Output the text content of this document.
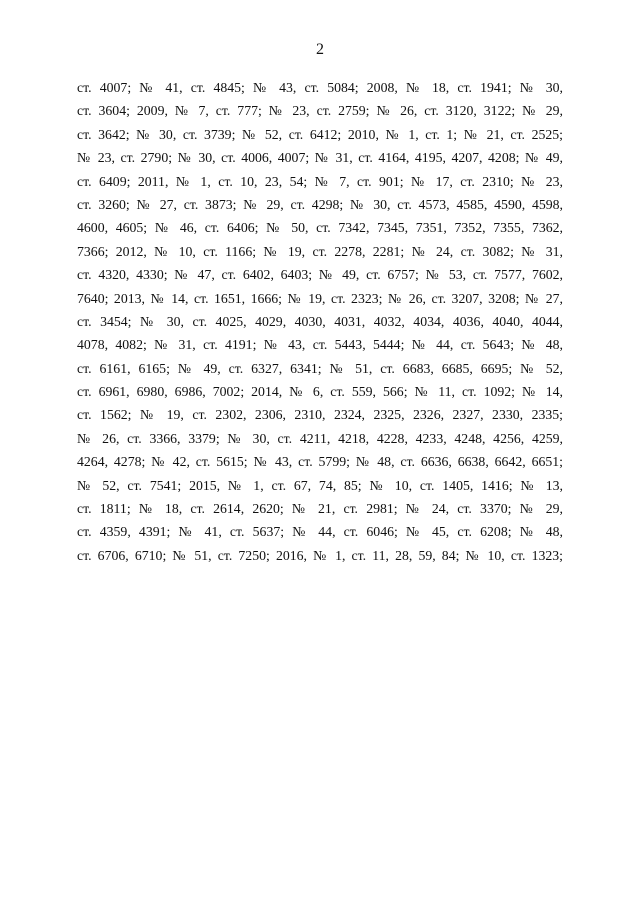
2
ст. 4007; № 41, ст. 4845; № 43, ст. 5084; 2008, № 18, ст. 1941; № 30,
ст. 3604; 2009, № 7, ст. 777; № 23, ст. 2759; № 26, ст. 3120, 3122; № 29,
ст. 3642; № 30, ст. 3739; № 52, ст. 6412; 2010, № 1, ст. 1; № 21, ст. 2525;
№ 23, ст. 2790; № 30, ст. 4006, 4007; № 31, ст. 4164, 4195, 4207, 4208; № 49,
ст. 6409; 2011, № 1, ст. 10, 23, 54; № 7, ст. 901; № 17, ст. 2310; № 23,
ст. 3260; № 27, ст. 3873; № 29, ст. 4298; № 30, ст. 4573, 4585, 4590, 4598,
4600, 4605; № 46, ст. 6406; № 50, ст. 7342, 7345, 7351, 7352, 7355, 7362,
7366; 2012, № 10, ст. 1166; № 19, ст. 2278, 2281; № 24, ст. 3082; № 31,
ст. 4320, 4330; № 47, ст. 6402, 6403; № 49, ст. 6757; № 53, ст. 7577, 7602,
7640; 2013, № 14, ст. 1651, 1666; № 19, ст. 2323; № 26, ст. 3207, 3208; № 27,
ст. 3454; № 30, ст. 4025, 4029, 4030, 4031, 4032, 4034, 4036, 4040, 4044,
4078, 4082; № 31, ст. 4191; № 43, ст. 5443, 5444; № 44, ст. 5643; № 48,
ст. 6161, 6165; № 49, ст. 6327, 6341; № 51, ст. 6683, 6685, 6695; № 52,
ст. 6961, 6980, 6986, 7002; 2014, № 6, ст. 559, 566; № 11, ст. 1092; № 14,
ст. 1562; № 19, ст. 2302, 2306, 2310, 2324, 2325, 2326, 2327, 2330, 2335;
№ 26, ст. 3366, 3379; № 30, ст. 4211, 4218, 4228, 4233, 4248, 4256, 4259,
4264, 4278; № 42, ст. 5615; № 43, ст. 5799; № 48, ст. 6636, 6638, 6642, 6651;
№ 52, ст. 7541; 2015, № 1, ст. 67, 74, 85; № 10, ст. 1405, 1416; № 13,
ст. 1811; № 18, ст. 2614, 2620; № 21, ст. 2981; № 24, ст. 3370; № 29,
ст. 4359, 4391; № 41, ст. 5637; № 44, ст. 6046; № 45, ст. 6208; № 48,
ст. 6706, 6710; № 51, ст. 7250; 2016, № 1, ст. 11, 28, 59, 84; № 10, ст. 1323;
